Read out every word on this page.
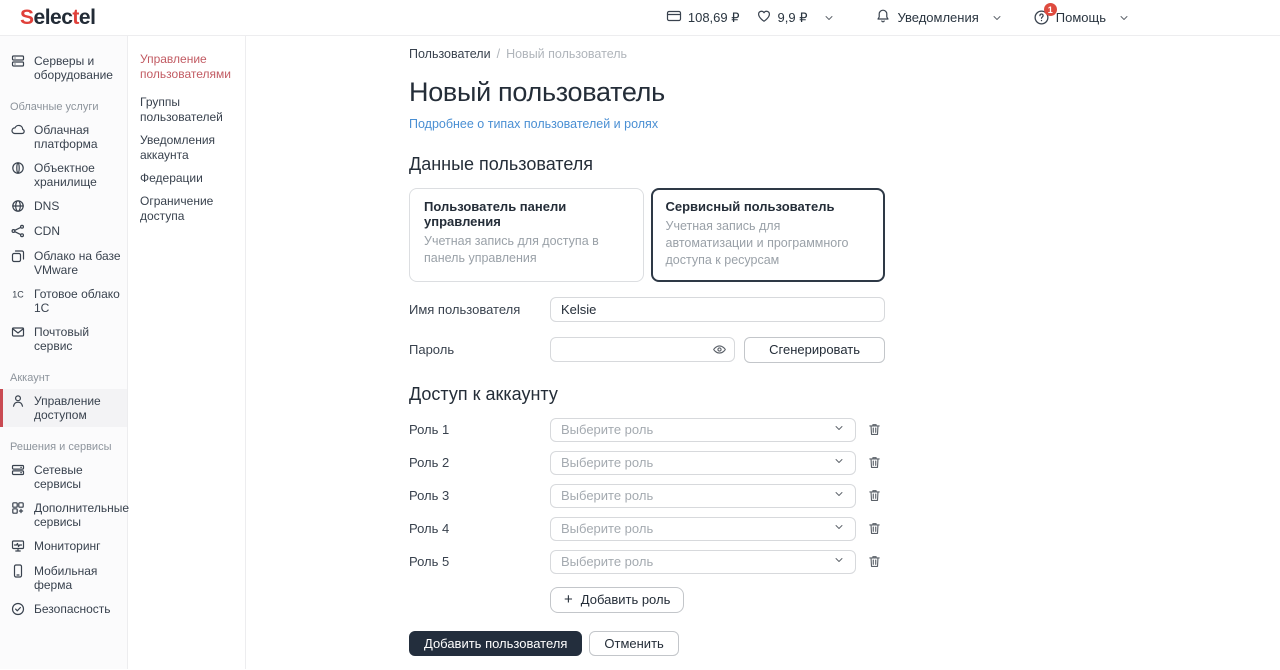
Selectel	108,69 ₽	9,9 ₽	Уведомления
1
Помощь
Серверы и оборудование
Облачные услуги
Облачная платформа
Объектное хранилище
DNS
CDN
Облако на базе VMware
1С Готовое облако 1С
Почтовый сервис
Аккаунт
Управление доступом
Решения и сервисы
Сетевые сервисы
Дополнительные сервисы
Мониторинг
Мобильная ферма
Безопасность
Управление пользователями
Группы пользователей
Уведомления аккаунта
Федерации
Ограничение доступа
Пользователи / Новый пользователь
Новый пользователь
Подробнее о типах пользователей и ролях
Данные пользователя
Пользователь панели управления
Учетная запись для доступа в панель управления
Сервисный пользователь
Учетная запись для автоматизации и программного доступа к ресурсам
Имя пользователя
Kelsie
Пароль	Сгенерировать
Доступ к аккаунту
Роль 1	Выберите роль
Роль 2	Выберите роль
Роль 3	Выберите роль
Роль 4	Выберите роль
Роль 5	Выберите роль
+ Добавить роль
Добавить пользователя	Отменить
